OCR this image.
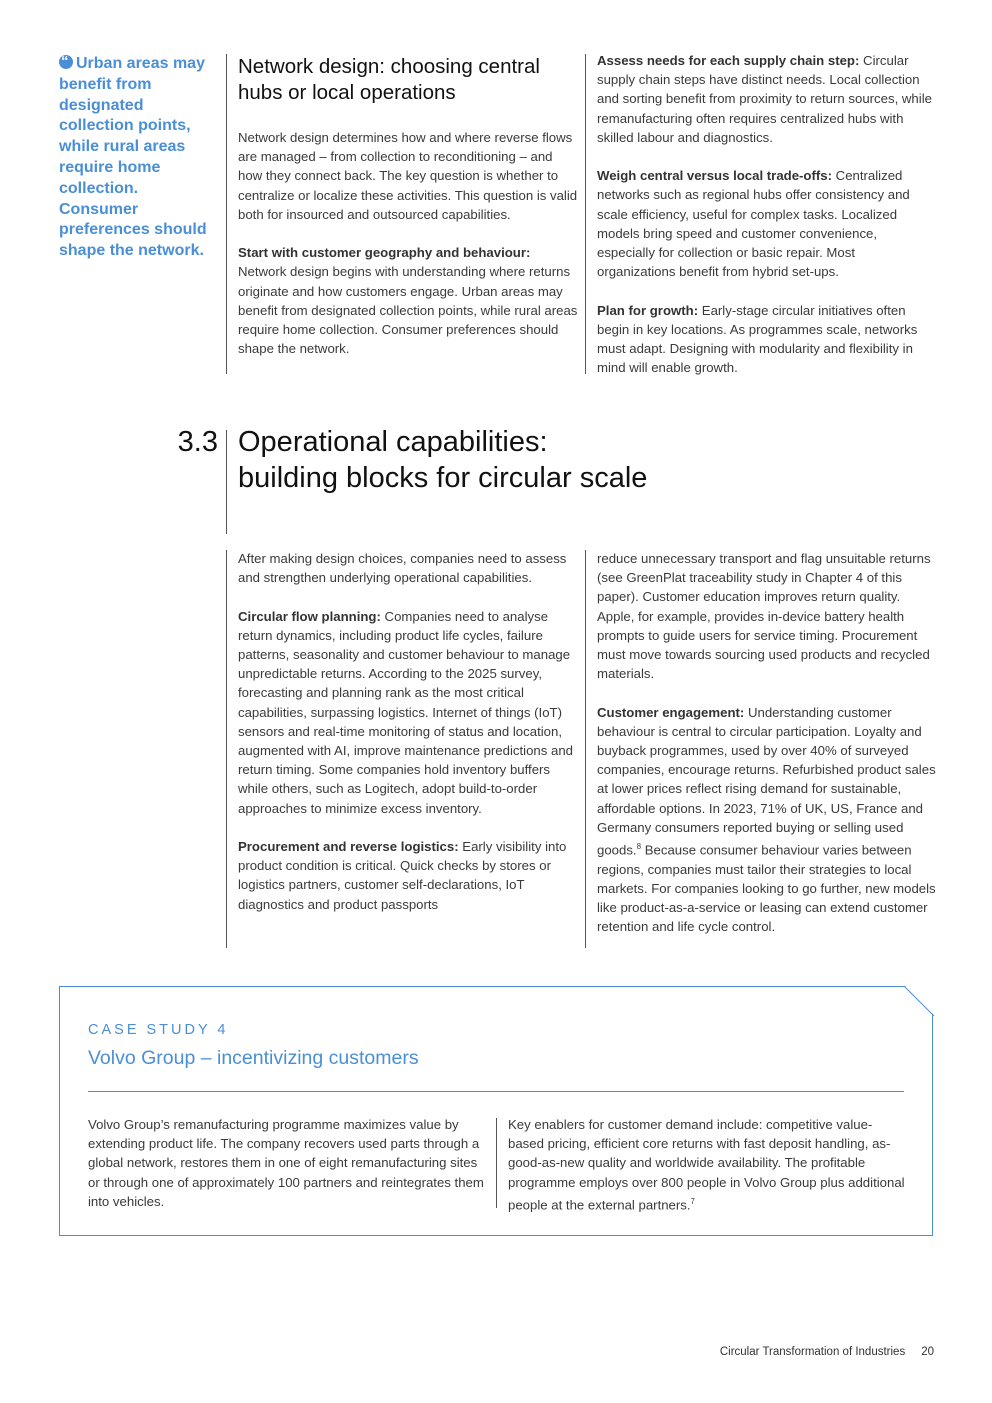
“Urban areas may benefit from designated collection points, while rural areas require home collection. Consumer preferences should shape the network.
Network design: choosing central hubs or local operations

Network design determines how and where reverse flows are managed – from collection to reconditioning – and how they connect back. The key question is whether to centralize or localize these activities. This question is valid both for insourced and outsourced capabilities.

Start with customer geography and behaviour: Network design begins with understanding where returns originate and how customers engage. Urban areas may benefit from designated collection points, while rural areas require home collection. Consumer preferences should shape the network.

Assess needs for each supply chain step: Circular supply chain steps have distinct needs. Local collection and sorting benefit from proximity to return sources, while remanufacturing often requires centralized hubs with skilled labour and diagnostics.

Weigh central versus local trade-offs: Centralized networks such as regional hubs offer consistency and scale efficiency, useful for complex tasks. Localized models bring speed and customer convenience, especially for collection or basic repair. Most organizations benefit from hybrid set-ups.

Plan for growth: Early-stage circular initiatives often begin in key locations. As programmes scale, networks must adapt. Designing with modularity and flexibility in mind will enable growth.

3.3 Operational capabilities:
building blocks for circular scale

After making design choices, companies need to assess and strengthen underlying operational capabilities.

Circular flow planning: Companies need to analyse return dynamics, including product life cycles, failure patterns, seasonality and customer behaviour to manage unpredictable returns. According to the 2025 survey, forecasting and planning rank as the most critical capabilities, surpassing logistics. Internet of things (IoT) sensors and real-time monitoring of status and location, augmented with AI, improve maintenance predictions and return timing. Some companies hold inventory buffers while others, such as Logitech, adopt build-to-order approaches to minimize excess inventory.

Procurement and reverse logistics: Early visibility into product condition is critical. Quick checks by stores or logistics partners, customer self-declarations, IoT diagnostics and product passports

reduce unnecessary transport and flag unsuitable returns (see GreenPlat traceability study in Chapter 4 of this paper). Customer education improves return quality. Apple, for example, provides in-device battery health prompts to guide users for service timing. Procurement must move towards sourcing used products and recycled materials.

Customer engagement: Understanding customer behaviour is central to circular participation. Loyalty and buyback programmes, used by over 40% of surveyed companies, encourage returns. Refurbished product sales at lower prices reflect rising demand for sustainable, affordable options. In 2023, 71% of UK, US, France and Germany consumers reported buying or selling used goods.$^8$ Because consumer behaviour varies between regions, companies must tailor their strategies to local markets. For companies looking to go further, new models like product-as-a-service or leasing can extend customer retention and life cycle control.

CASE STUDY 4
Volvo Group – incentivizing customers

Volvo Group’s remanufacturing programme maximizes value by extending product life. The company recovers used parts through a global network, restores them in one of eight remanufacturing sites or through one of approximately 100 partners and reintegrates them into vehicles.

Key enablers for customer demand include: competitive value-based pricing, efficient core returns with fast deposit handling, as-good-as-new quality and worldwide availability. The profitable programme employs over 800 people in Volvo Group plus additional people at the external partners.$^7$

Circular Transformation of Industries 20
